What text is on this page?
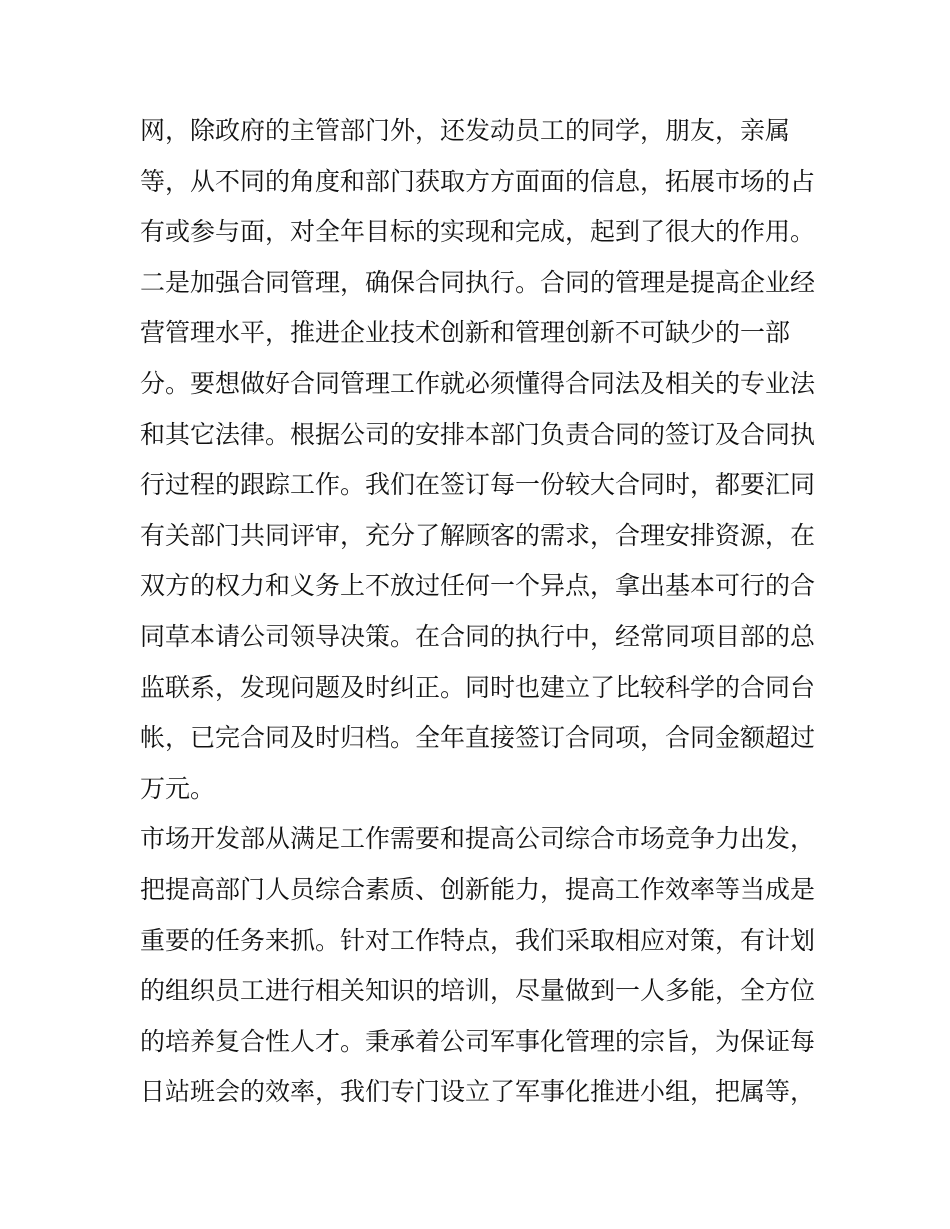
网，除政府的主管部门外，还发动员工的同学，朋友，亲属
等，从不同的角度和部门获取方方面面的信息，拓展市场的占
有或参与面，对全年目标的实现和完成，起到了很大的作用。
二是加强合同管理，确保合同执行。合同的管理是提高企业经
营管理水平，推进企业技术创新和管理创新不可缺少的一部
分。要想做好合同管理工作就必须懂得合同法及相关的专业法
和其它法律。根据公司的安排本部门负责合同的签订及合同执
行过程的跟踪工作。我们在签订每一份较大合同时，都要汇同
有关部门共同评审，充分了解顾客的需求，合理安排资源，在
双方的权力和义务上不放过任何一个异点，拿出基本可行的合
同草本请公司领导决策。在合同的执行中，经常同项目部的总
监联系，发现问题及时纠正。同时也建立了比较科学的合同台
帐，已完合同及时归档。全年直接签订合同项，合同金额超过
万元。
市场开发部从满足工作需要和提高公司综合市场竞争力出发，
把提高部门人员综合素质、创新能力，提高工作效率等当成是
重要的任务来抓。针对工作特点，我们采取相应对策，有计划
的组织员工进行相关知识的培训，尽量做到一人多能，全方位
的培养复合性人才。秉承着公司军事化管理的宗旨，为保证每
日站班会的效率，我们专门设立了军事化推进小组，把属等，
